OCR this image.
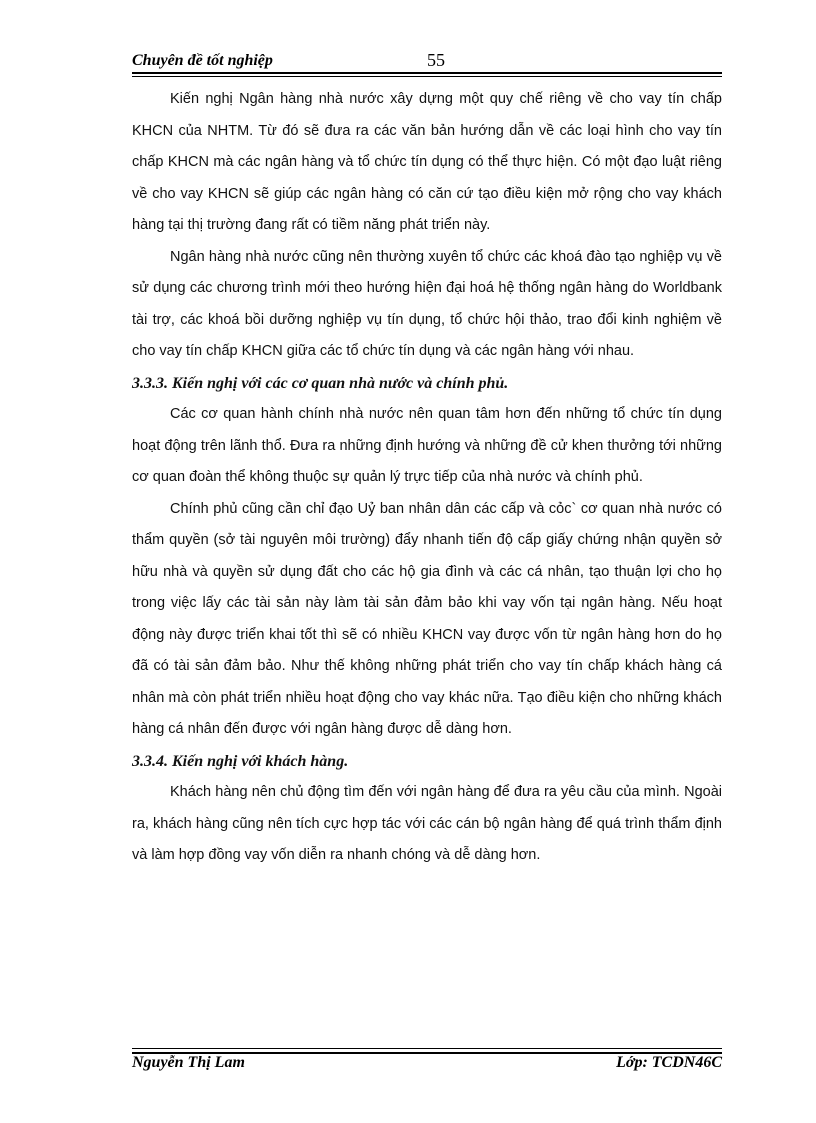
Chuyên đề tốt nghiệp	55

Kiến nghị Ngân hàng nhà nước xây dựng một quy chế riêng về cho vay tín chấp KHCN của NHTM. Từ đó sẽ đưa ra các văn bản hướng dẫn về các loại hình cho vay tín chấp KHCN mà các ngân hàng và tổ chức tín dụng có thể thực hiện. Có một đạo luật riêng về cho vay KHCN sẽ giúp các ngân hàng có căn cứ tạo điều kiện mở rộng cho vay khách hàng tại thị trường đang rất có tiềm năng phát triển này.

Ngân hàng nhà nước cũng nên thường xuyên tổ chức các khoá đào tạo nghiệp vụ về sử dụng các chương trình mới theo hướng hiện đại hoá hệ thống ngân hàng do Worldbank tài trợ, các khoá bồi dưỡng nghiệp vụ tín dụng, tổ chức hội thảo, trao đổi kinh nghiệm về cho vay tín chấp KHCN giữa các tổ chức tín dụng và các ngân hàng với nhau.

3.3.3. Kiến nghị với các cơ quan nhà nước và chính phủ.

Các cơ quan hành chính nhà nước nên quan tâm hơn đến những tổ chức tín dụng hoạt động trên lãnh thổ. Đưa ra những định hướng và những đề cử khen thưởng tới những cơ quan đoàn thể không thuộc sự quản lý trực tiếp của nhà nước và chính phủ.

Chính phủ cũng cần chỉ đạo Uỷ ban nhân dân các cấp và cỏc` cơ quan nhà nước có thẩm quyền (sở tài nguyên môi trường) đẩy nhanh tiến độ cấp giấy chứng nhận quyền sở hữu nhà và quyền sử dụng đất cho các hộ gia đình và các cá nhân, tạo thuận lợi cho họ trong việc lấy các tài sản này làm tài sản đảm bảo khi vay vốn tại ngân hàng. Nếu hoạt động này được triển khai tốt thì sẽ có nhiều KHCN vay được vốn từ ngân hàng hơn do họ đã có tài sản đảm bảo. Như thế không những phát triển cho vay tín chấp khách hàng cá nhân mà còn phát triển nhiều hoạt động cho vay khác nữa. Tạo điều kiện cho những khách hàng cá nhân đến được với ngân hàng được dễ dàng hơn.

3.3.4. Kiến nghị với khách hàng.

Khách hàng nên chủ động tìm đến với ngân hàng để đưa ra yêu cầu của mình. Ngoài ra, khách hàng cũng nên tích cực hợp tác với các cán bộ ngân hàng để quá trình thẩm định và làm hợp đồng vay vốn diễn ra nhanh chóng và dễ dàng hơn.

Nguyễn Thị Lam	Lớp: TCDN46C
